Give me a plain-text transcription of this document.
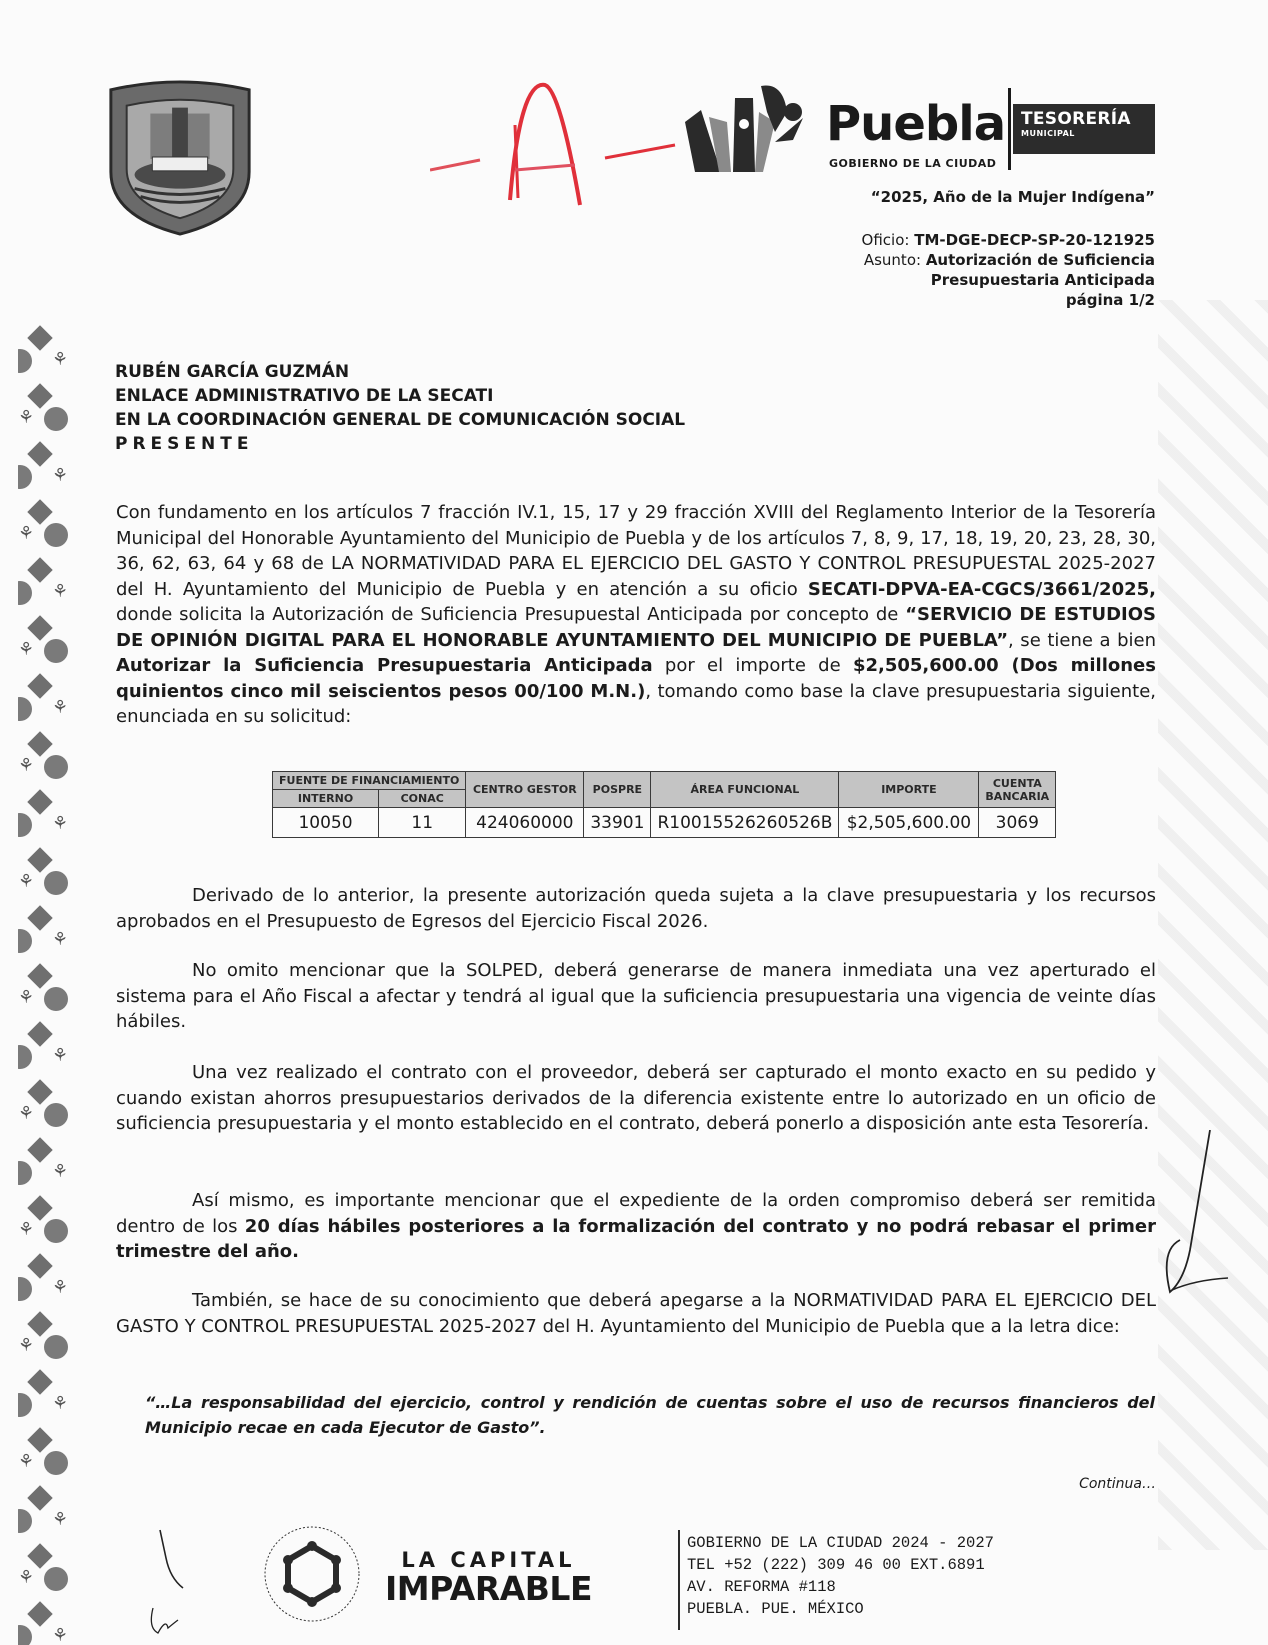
⚘
⚘
⚘
⚘
⚘
⚘
⚘
⚘
⚘
⚘
⚘
⚘
⚘
⚘
⚘
⚘
⚘
⚘
⚘
⚘
⚘
⚘
⚘
Puebla
GOBIERNO DE LA CIUDAD
TESORERÍA
MUNICIPAL
“2025, Año de la Mujer Indígena”
Oficio: TM-DGE-DECP-SP-20-121925
Asunto: Autorización de Suficiencia
Presupuestaria Anticipada
página 1/2
RUBÉN GARCÍA GUZMÁN
ENLACE ADMINISTRATIVO DE LA SECATI
EN LA COORDINACIÓN GENERAL DE COMUNICACIÓN SOCIAL
PRESENTE

Con fundamento en los artículos 7 fracción IV.1, 15, 17 y 29 fracción XVIII del Reglamento Interior de la Tesorería Municipal del Honorable Ayuntamiento del Municipio de Puebla y de los artículos 7, 8, 9, 17, 18, 19, 20, 23, 28, 30, 36, 62, 63, 64 y 68 de LA NORMATIVIDAD PARA EL EJERCICIO DEL GASTO Y CONTROL PRESUPUESTAL 2025-2027 del H. Ayuntamiento del Municipio de Puebla y en atención a su oficio SECATI-DPVA-EA-CGCS/3661/2025, donde solicita la Autorización de Suficiencia Presupuestal Anticipada por concepto de “SERVICIO DE ESTUDIOS DE OPINIÓN DIGITAL PARA EL HONORABLE AYUNTAMIENTO DEL MUNICIPIO DE PUEBLA”, se tiene a bien Autorizar la Suficiencia Presupuestaria Anticipada por el importe de $2,505,600.00 (Dos millones quinientos cinco mil seiscientos pesos 00/100 M.N.), tomando como base la clave presupuestaria siguiente, enunciada en su solicitud:

FUENTE DE FINANCIAMIENTO		CENTRO GESTOR	POSPRE	ÁREA FUNCIONAL	IMPORTE	CUENTA BANCARIA
INTERNO	CONAC					
10050	11	424060000	33901	R10015526260526B	$2,505,600.00	3069

Derivado de lo anterior, la presente autorización queda sujeta a la clave presupuestaria y los recursos aprobados en el Presupuesto de Egresos del Ejercicio Fiscal 2026.

No omito mencionar que la SOLPED, deberá generarse de manera inmediata una vez aperturado el sistema para el Año Fiscal a afectar y tendrá al igual que la suficiencia presupuestaria una vigencia de veinte días hábiles.

Una vez realizado el contrato con el proveedor, deberá ser capturado el monto exacto en su pedido y cuando existan ahorros presupuestarios derivados de la diferencia existente entre lo autorizado en un oficio de suficiencia presupuestaria y el monto establecido en el contrato, deberá ponerlo a disposición ante esta Tesorería.

Así mismo, es importante mencionar que el expediente de la orden compromiso deberá ser remitida dentro de los 20 días hábiles posteriores a la formalización del contrato y no podrá rebasar el primer trimestre del año.

También, se hace de su conocimiento que deberá apegarse a la NORMATIVIDAD PARA EL EJERCICIO DEL GASTO Y CONTROL PRESUPUESTAL 2025-2027 del H. Ayuntamiento del Municipio de Puebla que a la letra dice:

“…La responsabilidad del ejercicio, control y rendición de cuentas sobre el uso de recursos financieros del Municipio recae en cada Ejecutor de Gasto”.

Continua…
LA CAPITAL
IMPARABLE
GOBIERNO DE LA CIUDAD 2024 - 2027
TEL +52 (222) 309 46 00 EXT.6891
AV. REFORMA #118
PUEBLA. PUE. MÉXICO
